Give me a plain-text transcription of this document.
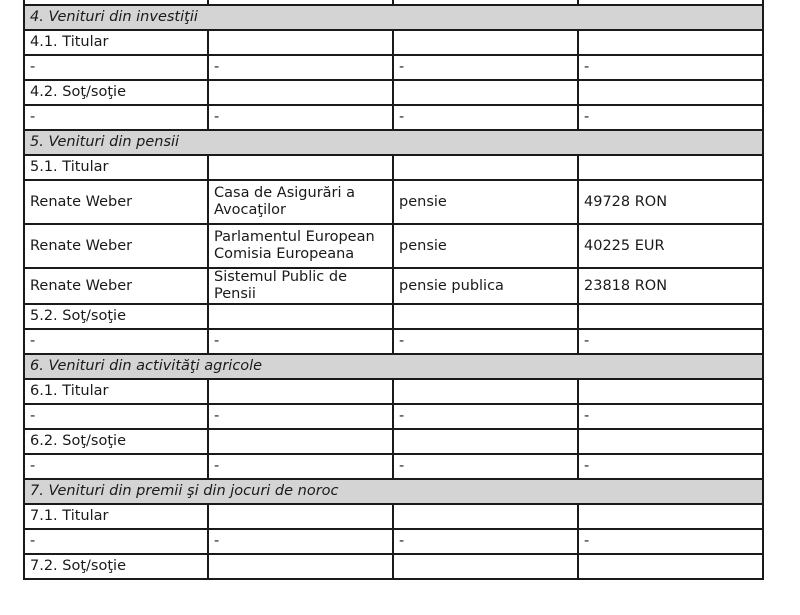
4. Venituri din investiţii			
4.1. Titular			
-	-	-	-
4.2. Soţ/soţie			
-	-	-	-
5. Venituri din pensii			
5.1. Titular			
Renate Weber	Casa de Asigurări a Avocaţilor	pensie	49728 RON
Renate Weber	Parlamentul European Comisia Europeana	pensie	40225 EUR
Renate Weber	Sistemul Public de Pensii	pensie publica	23818 RON
5.2. Soţ/soţie			
-	-	-	-
6. Venituri din activităţi agricole			
6.1. Titular			
-	-	-	-
6.2. Soţ/soţie			
-	-	-	-
7. Venituri din premii şi din jocuri de noroc			
7.1. Titular			
-	-	-	-
7.2. Soţ/soţie			
